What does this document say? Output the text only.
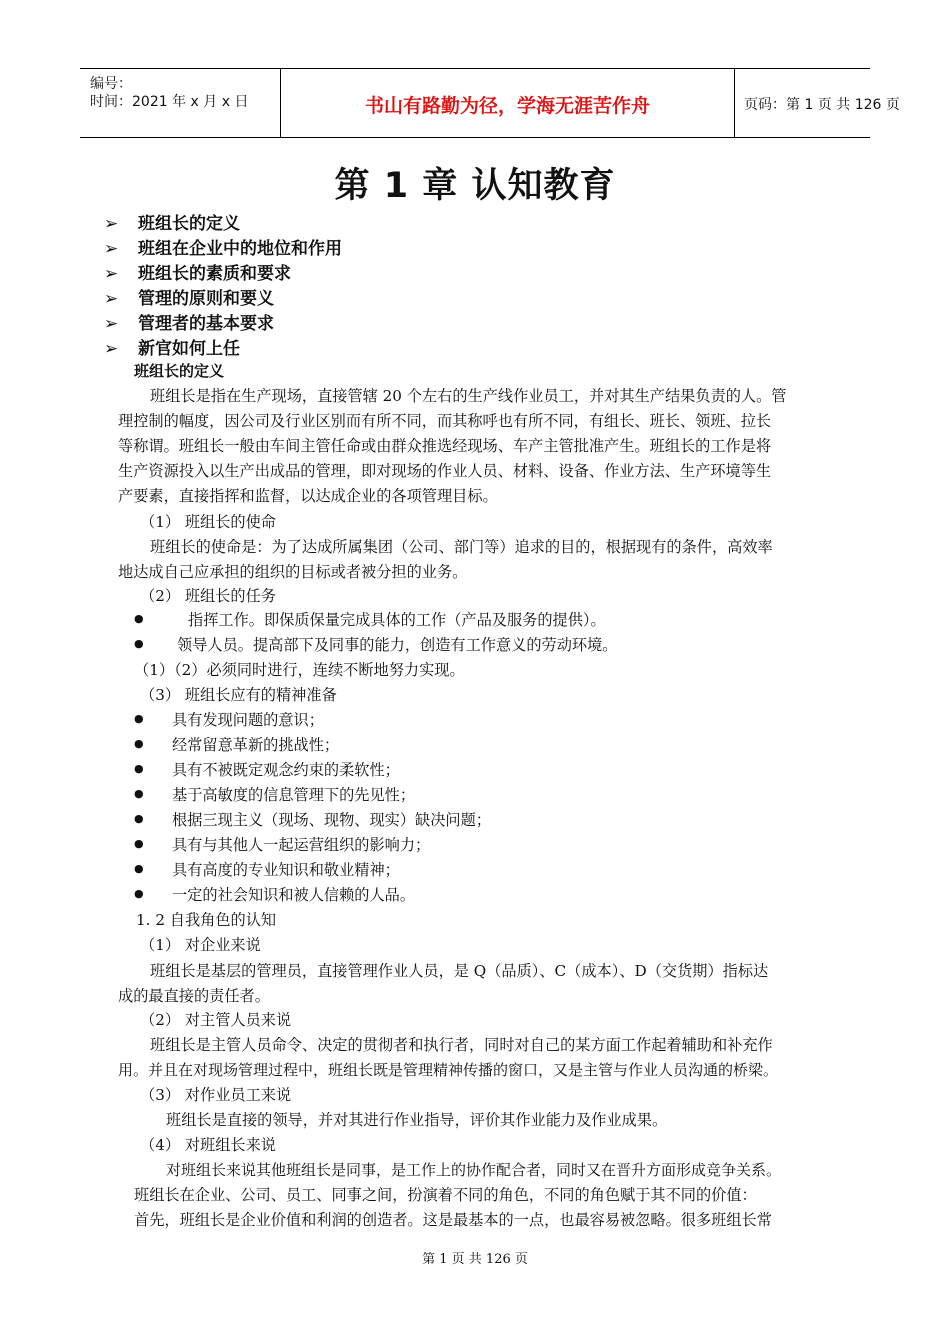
编号：
时间：2021 年 x 月 x 日	书山有路勤为径，学海无涯苦作舟	页码：第 1 页 共 126 页
第 1 章 认知教育
➢ 班组长的定义
➢ 班组在企业中的地位和作用
➢ 班组长的素质和要求
➢ 管理的原则和要义
➢ 管理者的基本要求
➢ 新官如何上任
班组长的定义
班组长是指在生产现场，直接管辖 20 个左右的生产线作业员工，并对其生产结果负责的人。管
理控制的幅度，因公司及行业区别而有所不同，而其称呼也有所不同，有组长、班长、领班、拉长
等称谓。班组长一般由车间主管任命或由群众推选经现场、车产主管批准产生。班组长的工作是将
生产资源投入以生产出成品的管理，即对现场的作业人员、材料、设备、作业方法、生产环境等生
产要素，直接指挥和监督，以达成企业的各项管理目标。
（1） 班组长的使命
班组长的使命是：为了达成所属集团（公司、部门等）追求的目的，根据现有的条件，高效率
地达成自己应承担的组织的目标或者被分担的业务。
（2） 班组长的任务
●	指挥工作。即保质保量完成具体的工作（产品及服务的提供）。
● 领导人员。提高部下及同事的能力，创造有工作意义的劳动环境。
（1）（2）必须同时进行，连续不断地努力实现。
（3） 班组长应有的精神准备
● 具有发现问题的意识；
● 经常留意革新的挑战性；
● 具有不被既定观念约束的柔软性；
● 基于高敏度的信息管理下的先见性；
● 根据三现主义（现场、现物、现实）缺决问题；
● 具有与其他人一起运营组织的影响力；
● 具有高度的专业知识和敬业精神；
● 一定的社会知识和被人信赖的人品。
1. 2 自我角色的认知
（1） 对企业来说
班组长是基层的管理员，直接管理作业人员，是 Q（品质）、C（成本）、D（交货期）指标达
成的最直接的责任者。
（2） 对主管人员来说
班组长是主管人员命令、决定的贯彻者和执行者，同时对自己的某方面工作起着辅助和补充作
用。并且在对现场管理过程中，班组长既是管理精神传播的窗口，又是主管与作业人员沟通的桥梁。
（3） 对作业员工来说
班组长是直接的领导，并对其进行作业指导，评价其作业能力及作业成果。
（4） 对班组长来说
对班组长来说其他班组长是同事，是工作上的协作配合者，同时又在晋升方面形成竞争关系。
班组长在企业、公司、员工、同事之间，扮演着不同的角色，不同的角色赋于其不同的价值：
首先，班组长是企业价值和利润的创造者。这是最基本的一点，也最容易被忽略。很多班组长常
第 1 页 共 126 页
